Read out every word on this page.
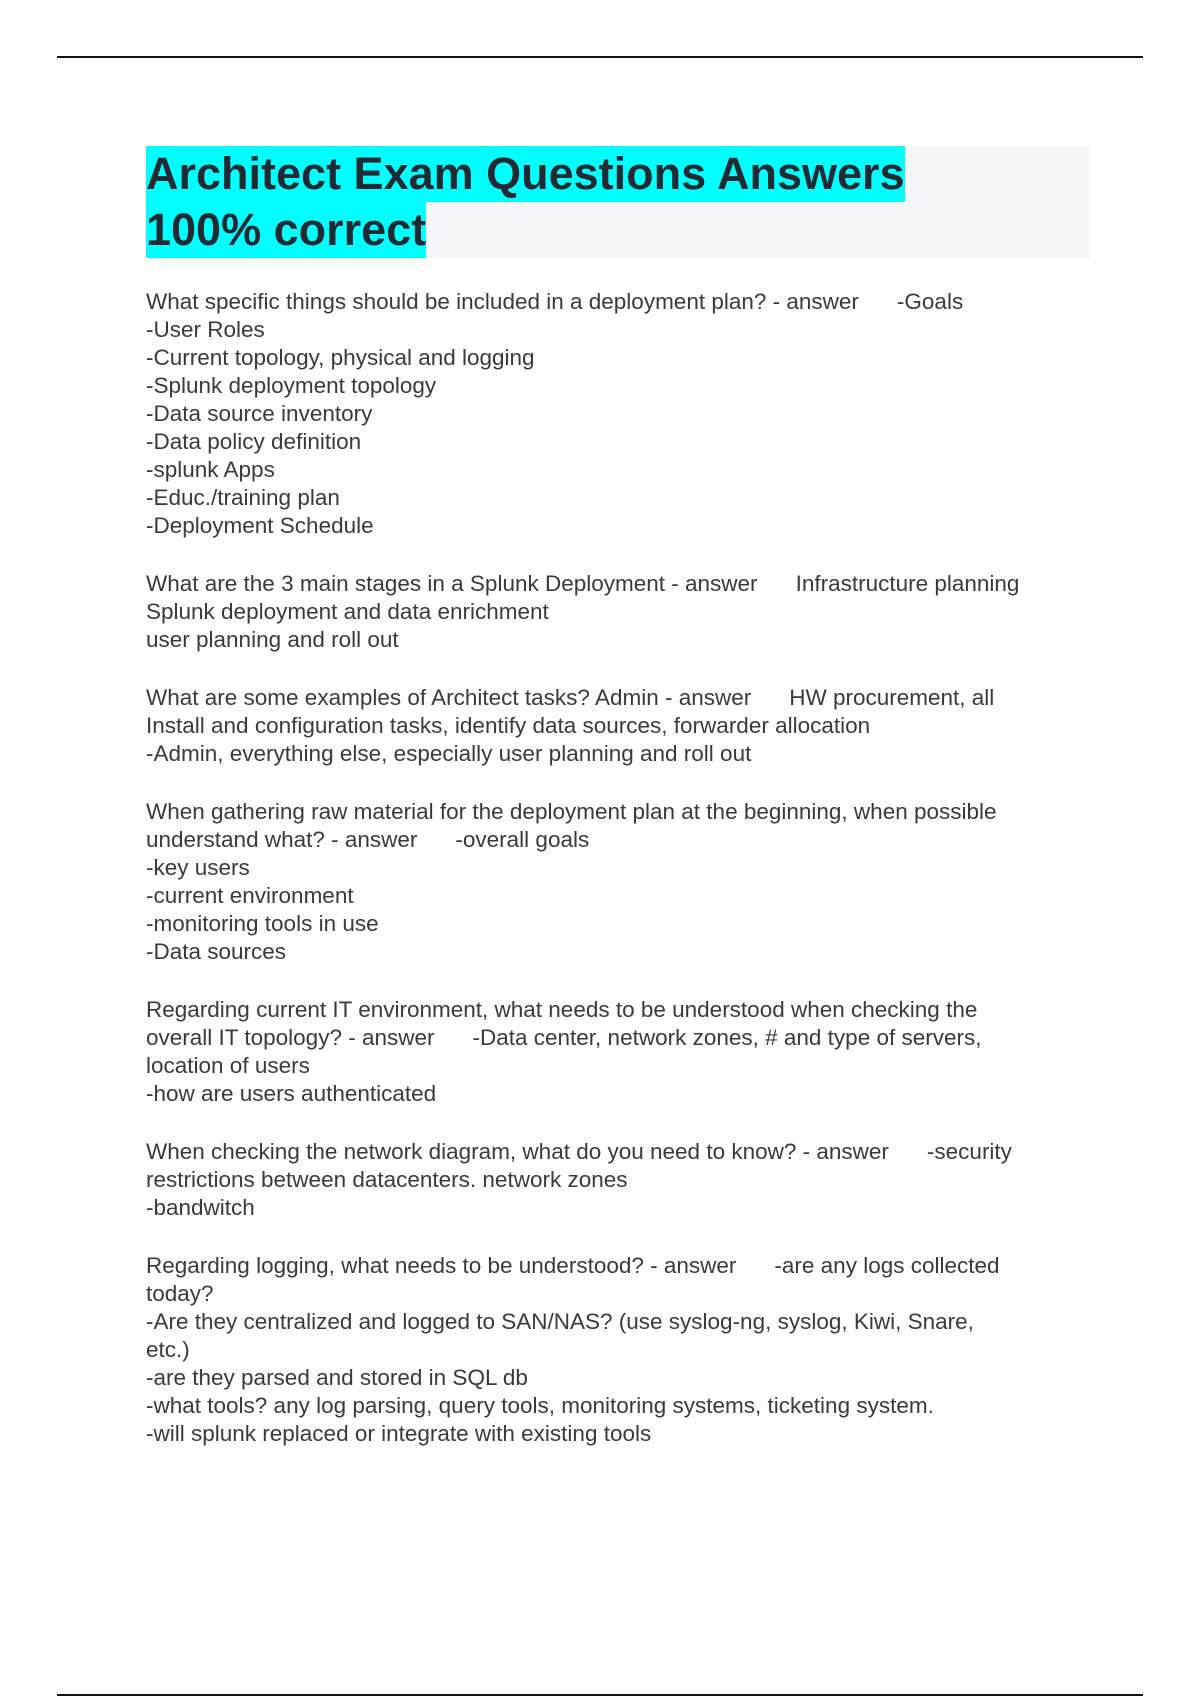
Architect Exam Questions Answers
100% correct
What specific things should be included in a deployment plan? - answer -Goals
-User Roles
-Current topology, physical and logging
-Splunk deployment topology
-Data source inventory
-Data policy definition
-splunk Apps
-Educ./training plan
-Deployment Schedule
What are the 3 main stages in a Splunk Deployment - answer Infrastructure planning
Splunk deployment and data enrichment
user planning and roll out
What are some examples of Architect tasks? Admin - answer HW procurement, all
Install and configuration tasks, identify data sources, forwarder allocation
-Admin, everything else, especially user planning and roll out
When gathering raw material for the deployment plan at the beginning, when possible
understand what? - answer -overall goals
-key users
-current environment
-monitoring tools in use
-Data sources
Regarding current IT environment, what needs to be understood when checking the
overall IT topology? - answer -Data center, network zones, # and type of servers,
location of users
-how are users authenticated
When checking the network diagram, what do you need to know? - answer -security
restrictions between datacenters. network zones
-bandwitch
Regarding logging, what needs to be understood? - answer -are any logs collected
today?
-Are they centralized and logged to SAN/NAS? (use syslog-ng, syslog, Kiwi, Snare,
etc.)
-are they parsed and stored in SQL db
-what tools? any log parsing, query tools, monitoring systems, ticketing system.
-will splunk replaced or integrate with existing tools
